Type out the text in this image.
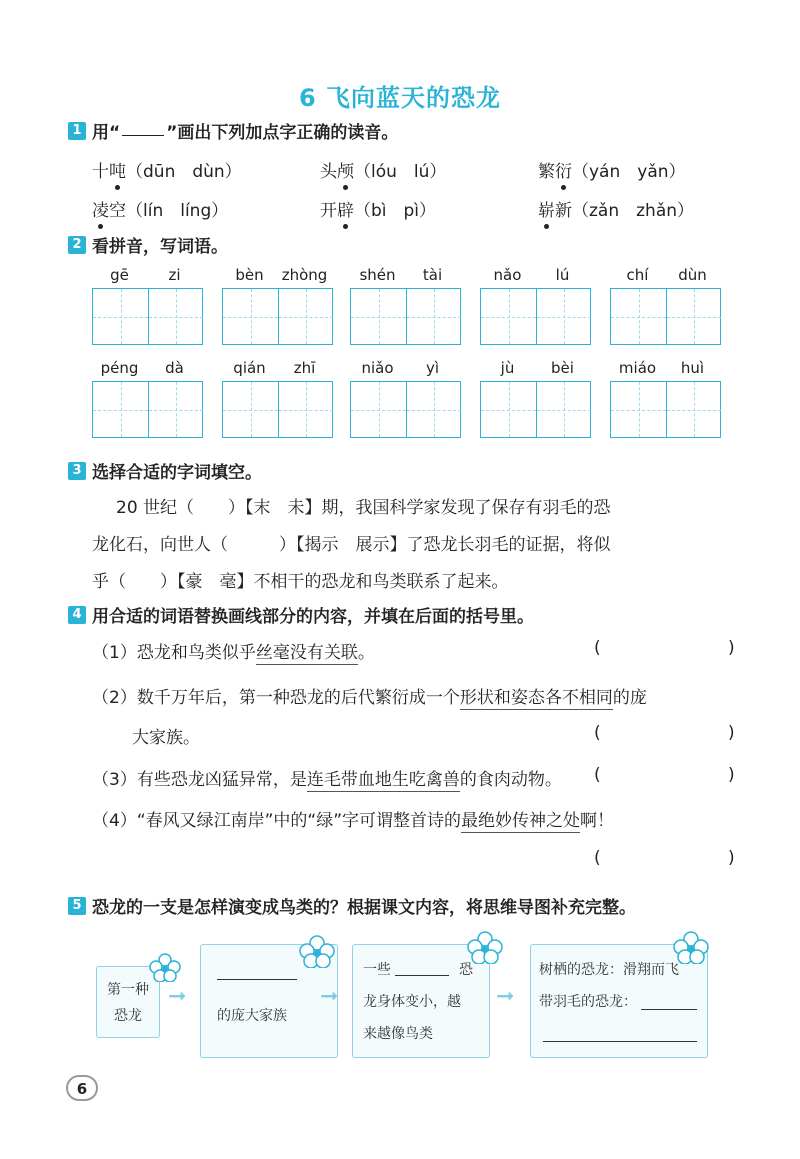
6 飞向蓝天的恐龙
1 用“	”画出下列加点字正确的读音。
十吨（dūn　dùn）	头颅（lóu　lú）	繁衍（yán　yǎn）
凌空（lín　líng）	开辟（bì　pì）	崭新（zǎn　zhǎn）
2 看拼音，写词语。
gē	zi	bèn	zhòng	shén	tài	nǎo	lú	chí	dùn
péng	dà	qián	zhī	niǎo	yì	jù	bèi	miáo	huì
3 选择合适的字词填空。
20 世纪（　　）【末　未】期，我国科学家发现了保存有羽毛的恐
龙化石，向世人（　　　）【揭示　展示】了恐龙长羽毛的证据，将似
乎（　　）【豪　毫】不相干的恐龙和鸟类联系了起来。
4 用合适的词语替换画线部分的内容，并填在后面的括号里。
（1）恐龙和鸟类似乎丝毫没有关联。	(	)
（2）数千万年后，第一种恐龙的后代繁衍成一个形状和姿态各不相同的庞
大家族。	(	)
（3）有些恐龙凶猛异常，是连毛带血地生吃禽兽的食肉动物。 (	)
（4）“春风又绿江南岸”中的“绿”字可谓整首诗的最绝妙传神之处啊！
(	)
5 恐龙的一支是怎样演变成鸟类的？根据课文内容，将思维导图补充完整。
第一种
恐龙
➞
的庞大家族
➞
一些	恐
龙身体变小，越
来越像鸟类
➞
树栖的恐龙：滑翔而飞
带羽毛的恐龙：
6
